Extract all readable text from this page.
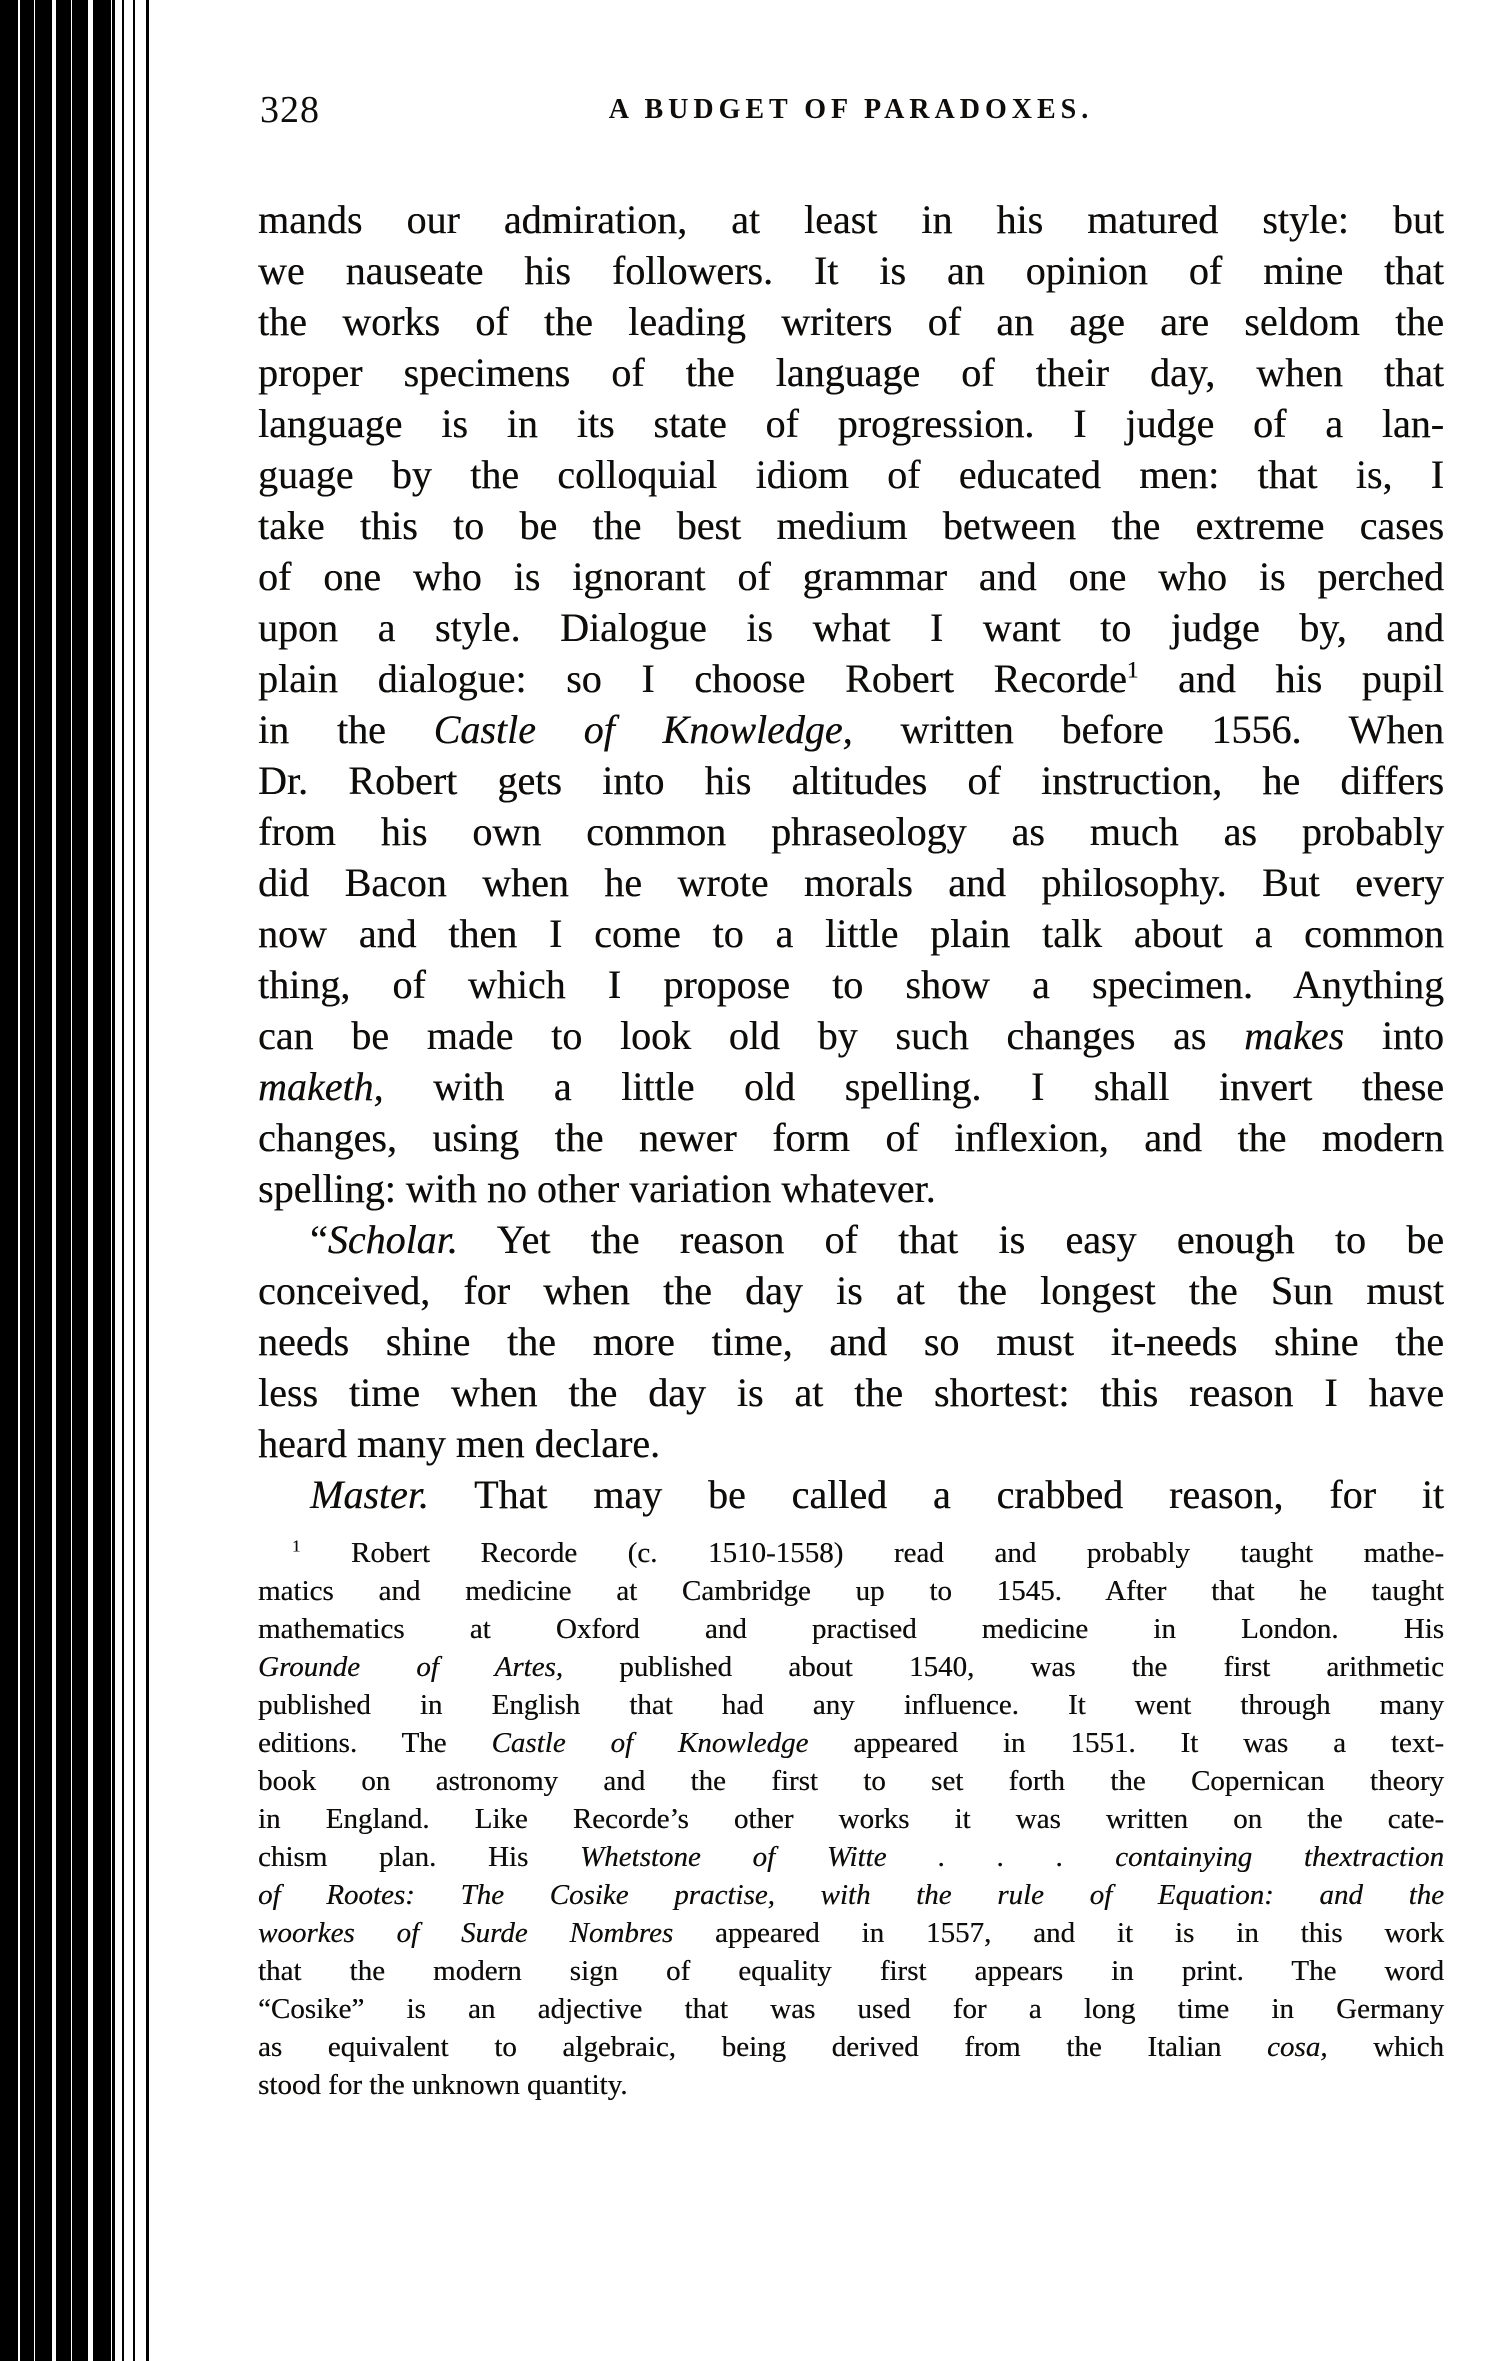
328	A BUDGET OF PARADOXES.
mands our admiration, at least in his matured style: but
we nauseate his followers. It is an opinion of mine that
the works of the leading writers of an age are seldom the
proper specimens of the language of their day, when that
language is in its state of progression. I judge of a lan-
guage by the colloquial idiom of educated men: that is, I
take this to be the best medium between the extreme cases
of one who is ignorant of grammar and one who is perched
upon a style. Dialogue is what I want to judge by, and
plain dialogue: so I choose Robert Recorde$^1$ and his pupil
in the Castle of Knowledge, written before 1556. When
Dr. Robert gets into his altitudes of instruction, he differs
from his own common phraseology as much as probably
did Bacon when he wrote morals and philosophy. But every
now and then I come to a little plain talk about a common
thing, of which I propose to show a specimen. Anything
can be made to look old by such changes as makes into
maketh, with a little old spelling. I shall invert these
changes, using the newer form of inflexion, and the modern
spelling: with no other variation whatever.
“Scholar. Yet the reason of that is easy enough to be
conceived, for when the day is at the longest the Sun must
needs shine the more time, and so must it-needs shine the
less time when the day is at the shortest: this reason I have
heard many men declare.
Master. That may be called a crabbed reason, for it
$^1$ Robert Recorde (c. 1510-1558) read and probably taught mathe-
matics and medicine at Cambridge up to 1545. After that he taught
mathematics at Oxford and practised medicine in London. His
Grounde of Artes, published about 1540, was the first arithmetic
published in English that had any influence. It went through many
editions. The Castle of Knowledge appeared in 1551. It was a text-
book on astronomy and the first to set forth the Copernican theory
in England. Like Recorde’s other works it was written on the cate-
chism plan. His Whetstone of Witte . . . containying thextraction
of Rootes: The Cosike practise, with the rule of Equation: and the
woorkes of Surde Nombres appeared in 1557, and it is in this work
that the modern sign of equality first appears in print. The word
“Cosike” is an adjective that was used for a long time in Germany
as equivalent to algebraic, being derived from the Italian cosa, which
stood for the unknown quantity.
